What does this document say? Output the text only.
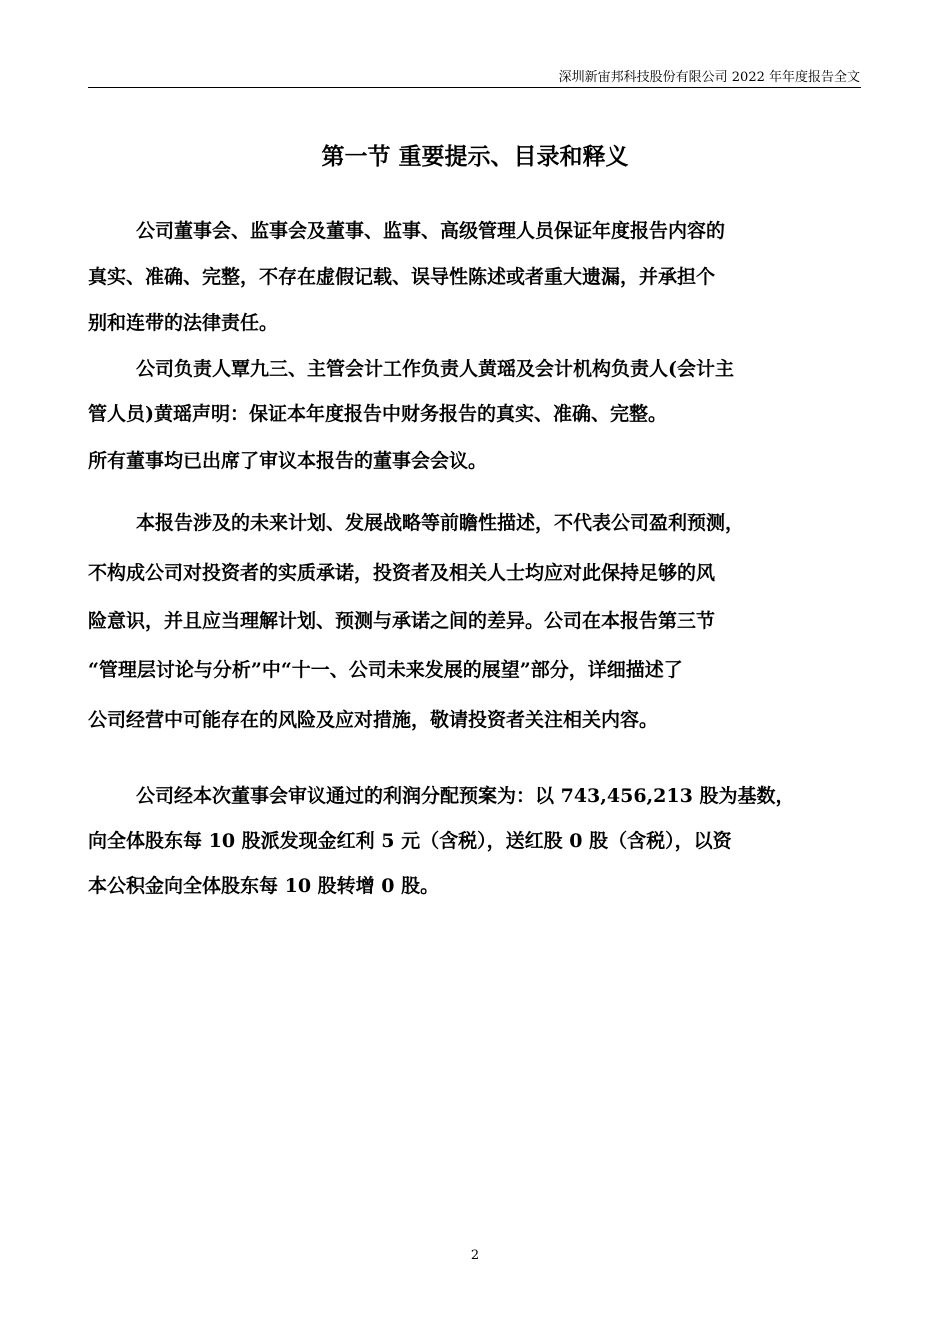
深圳新宙邦科技股份有限公司 2022 年年度报告全文
第一节 重要提示、目录和释义
公司董事会、监事会及董事、监事、高级管理人员保证年度报告内容的
真实、准确、完整，不存在虚假记载、误导性陈述或者重大遗漏，并承担个
别和连带的法律责任。
公司负责人覃九三、主管会计工作负责人黄瑶及会计机构负责人(会计主
管人员)黄瑶声明：保证本年度报告中财务报告的真实、准确、完整。
所有董事均已出席了审议本报告的董事会会议。
本报告涉及的未来计划、发展战略等前瞻性描述，不代表公司盈利预测，
不构成公司对投资者的实质承诺，投资者及相关人士均应对此保持足够的风
险意识，并且应当理解计划、预测与承诺之间的差异。公司在本报告第三节
“管理层讨论与分析”中“十一、公司未来发展的展望”部分，详细描述了
公司经营中可能存在的风险及应对措施，敬请投资者关注相关内容。
公司经本次董事会审议通过的利润分配预案为：以 743,456,213 股为基数，
向全体股东每 10 股派发现金红利 5 元（含税），送红股 0 股（含税），以资
本公积金向全体股东每 10 股转增 0 股。
2
